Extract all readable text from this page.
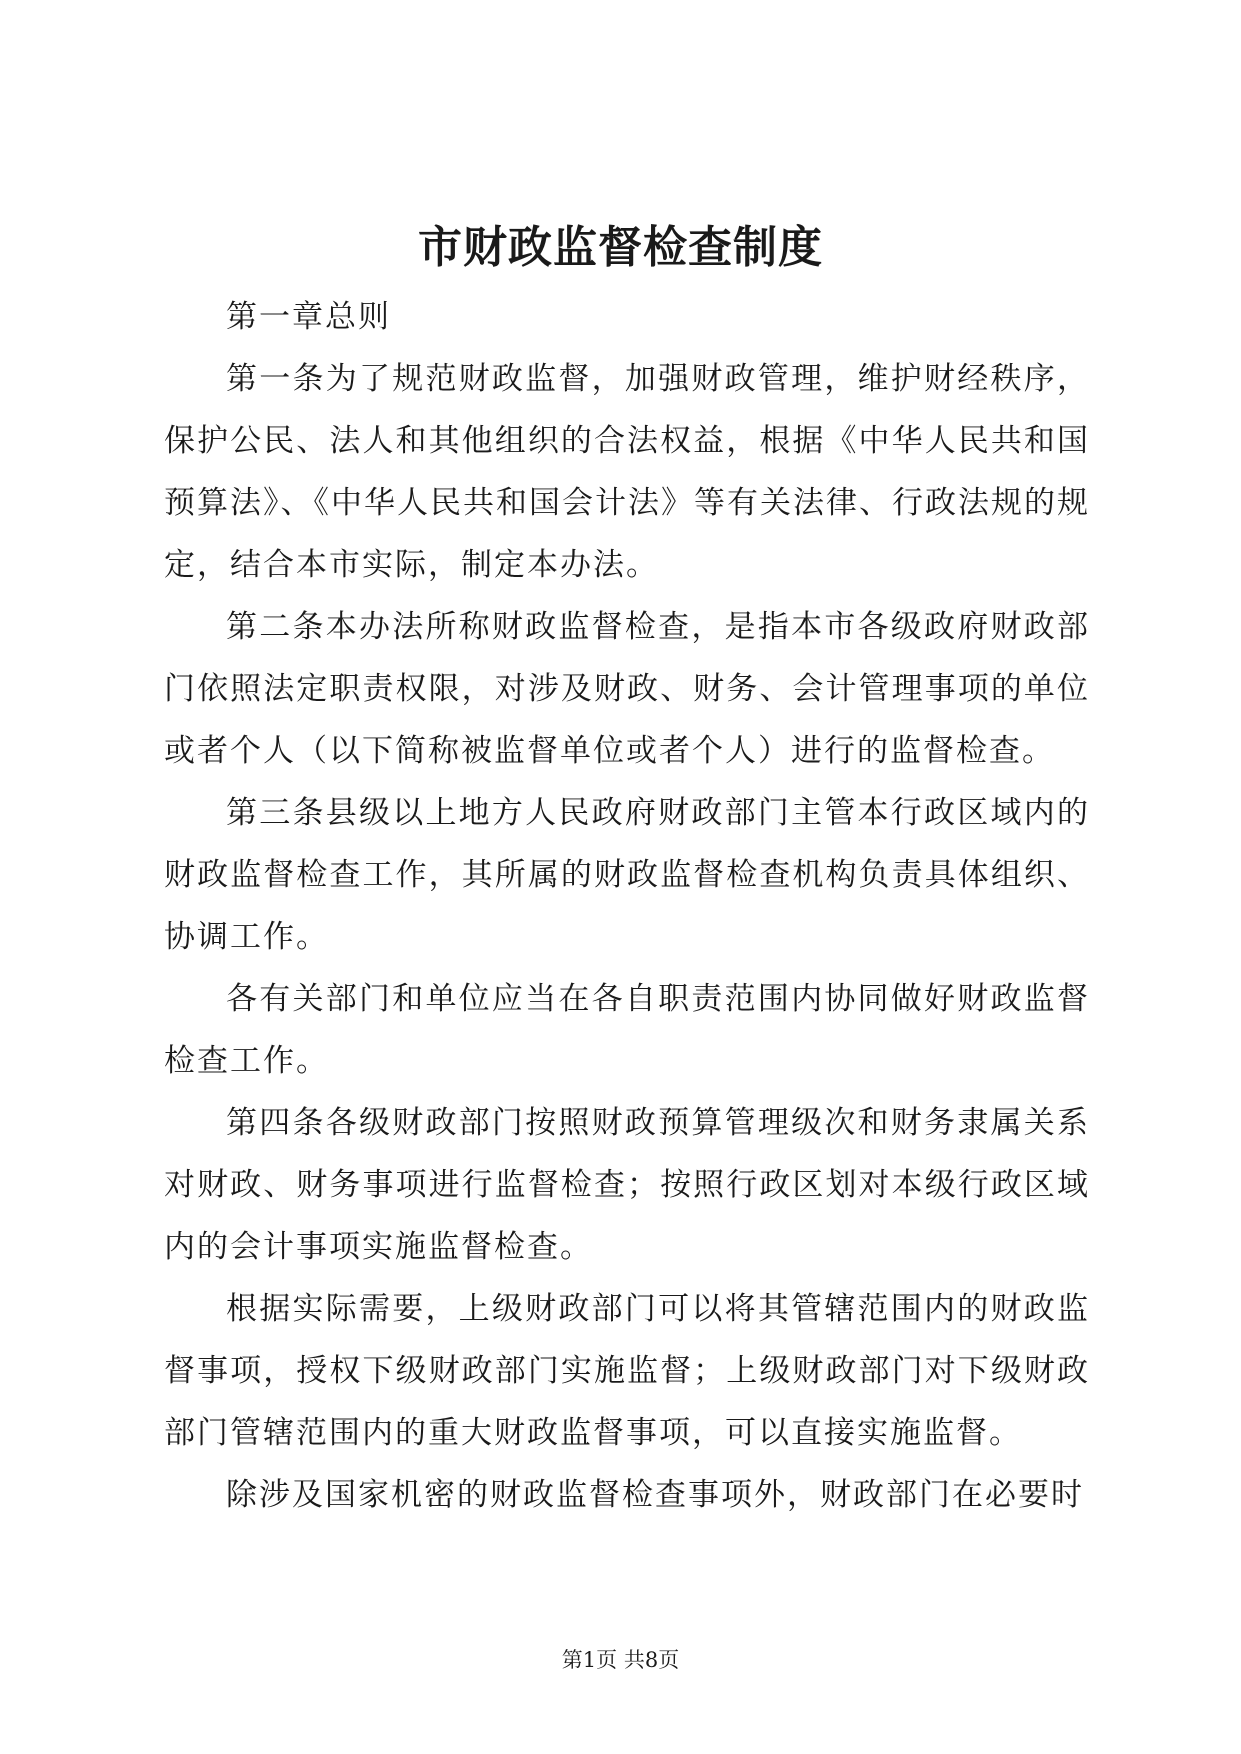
市财政监督检查制度

第一章总则

第一条为了规范财政监督，加强财政管理，维护财经秩序，保护公民、法人和其他组织的合法权益，根据《中华人民共和国预算法》、《中华人民共和国会计法》等有关法律、行政法规的规定，结合本市实际，制定本办法。

第二条本办法所称财政监督检查，是指本市各级政府财政部门依照法定职责权限，对涉及财政、财务、会计管理事项的单位或者个人（以下简称被监督单位或者个人）进行的监督检查。

第三条县级以上地方人民政府财政部门主管本行政区域内的财政监督检查工作，其所属的财政监督检查机构负责具体组织、协调工作。

各有关部门和单位应当在各自职责范围内协同做好财政监督检查工作。

第四条各级财政部门按照财政预算管理级次和财务隶属关系对财政、财务事项进行监督检查；按照行政区划对本级行政区域内的会计事项实施监督检查。

根据实际需要，上级财政部门可以将其管辖范围内的财政监督事项，授权下级财政部门实施监督；上级财政部门对下级财政部门管辖范围内的重大财政监督事项，可以直接实施监督。

除涉及国家机密的财政监督检查事项外，财政部门在必要时

第1页 共8页
